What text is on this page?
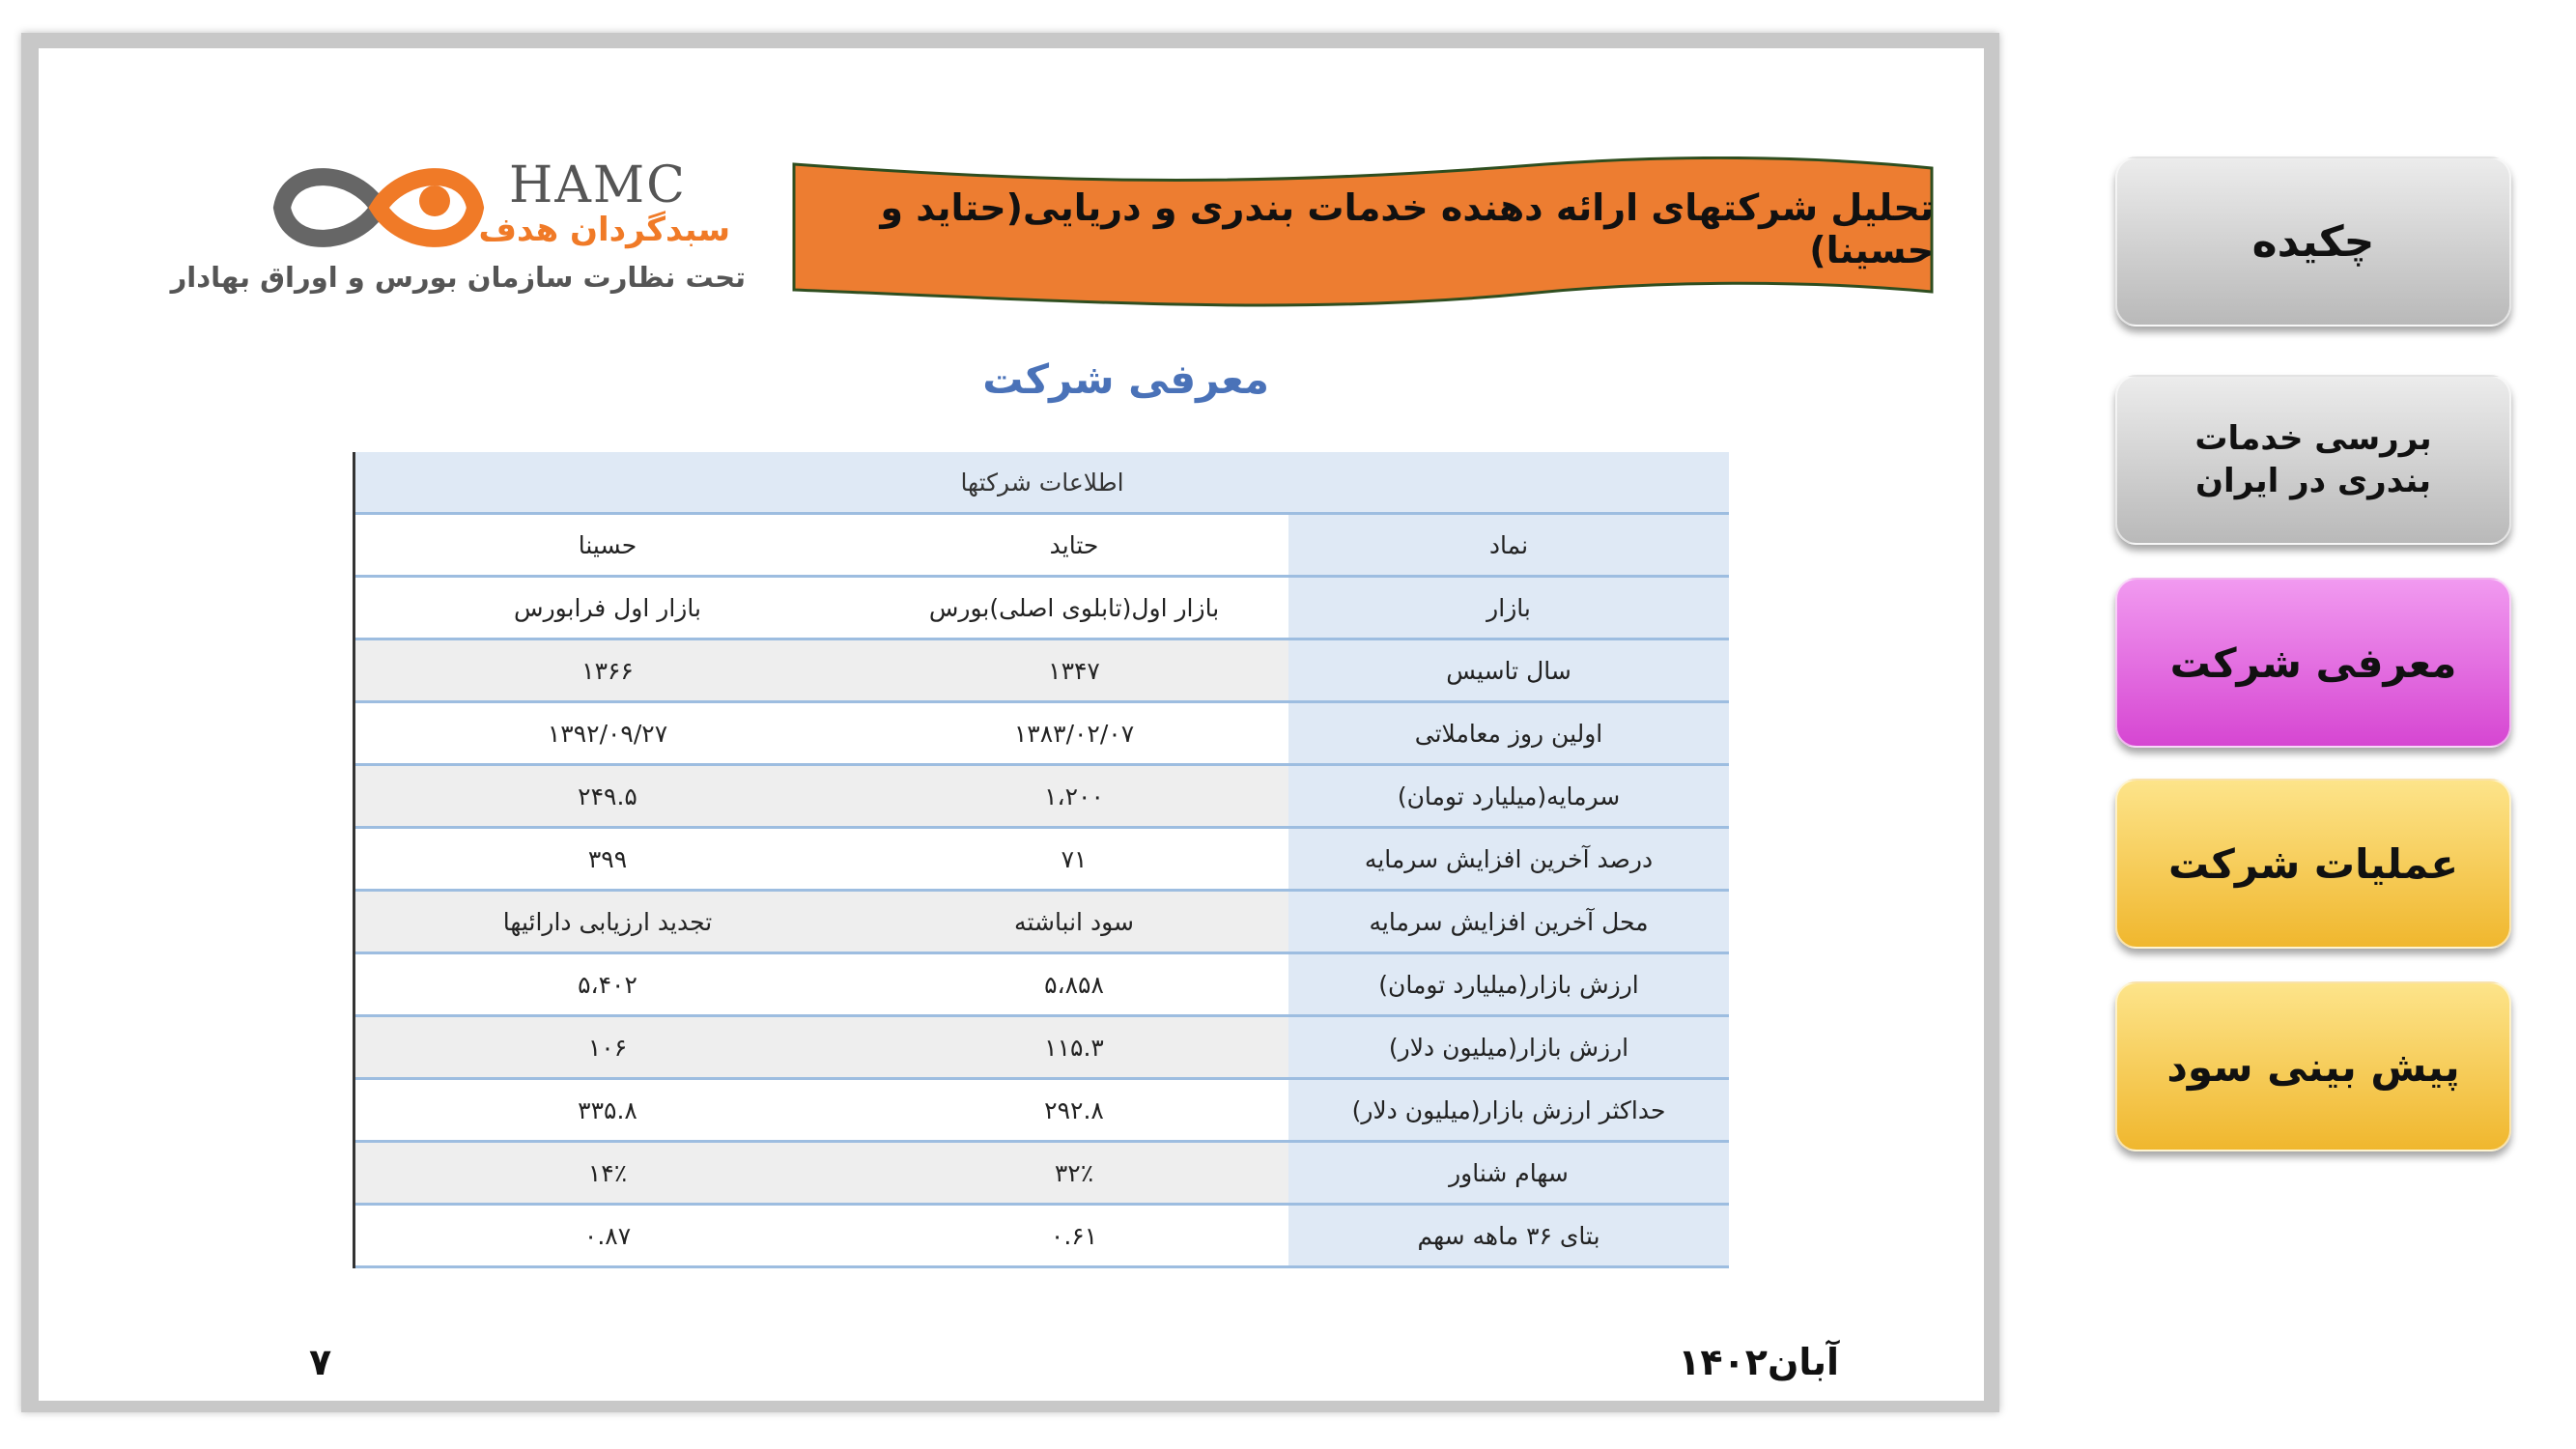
HAMC
سبدگردان هدف
تحت نظارت سازمان بورس و اوراق بهادار
تحلیل شرکتهای ارائه دهنده خدمات بندری و دریایی(حتاید و حسینا)
معرفی شرکت
اطلاعات شرکتها
حسینا	حتاید	نماد
بازار اول فرابورس	بازار اول(تابلوی اصلی)بورس	بازار
۱۳۶۶	۱۳۴۷	سال تاسیس
۱۳۹۲/۰۹/۲۷	۱۳۸۳/۰۲/۰۷	اولین روز معاملاتی
۲۴۹.۵	۱،۲۰۰	سرمایه(میلیارد تومان)
۳۹۹	۷۱	درصد آخرین افزایش سرمایه
تجدید ارزیابی دارائیها	سود انباشته	محل آخرین افزایش سرمایه
۵،۴۰۲	۵،۸۵۸	ارزش بازار(میلیارد تومان)
۱۰۶	۱۱۵.۳	ارزش بازار(میلیون دلار)
۳۳۵.۸	۲۹۲.۸	حداکثر ارزش بازار(میلیون دلار)
۱۴٪	۳۲٪	سهام شناور
۰.۸۷	۰.۶۱	بتای ۳۶ ماهه سهم
۷	آبان۱۴۰۲
چکیده
بررسی خدمات بندری در ایران
معرفی شرکت
عملیات شرکت
پیش بینی سود
